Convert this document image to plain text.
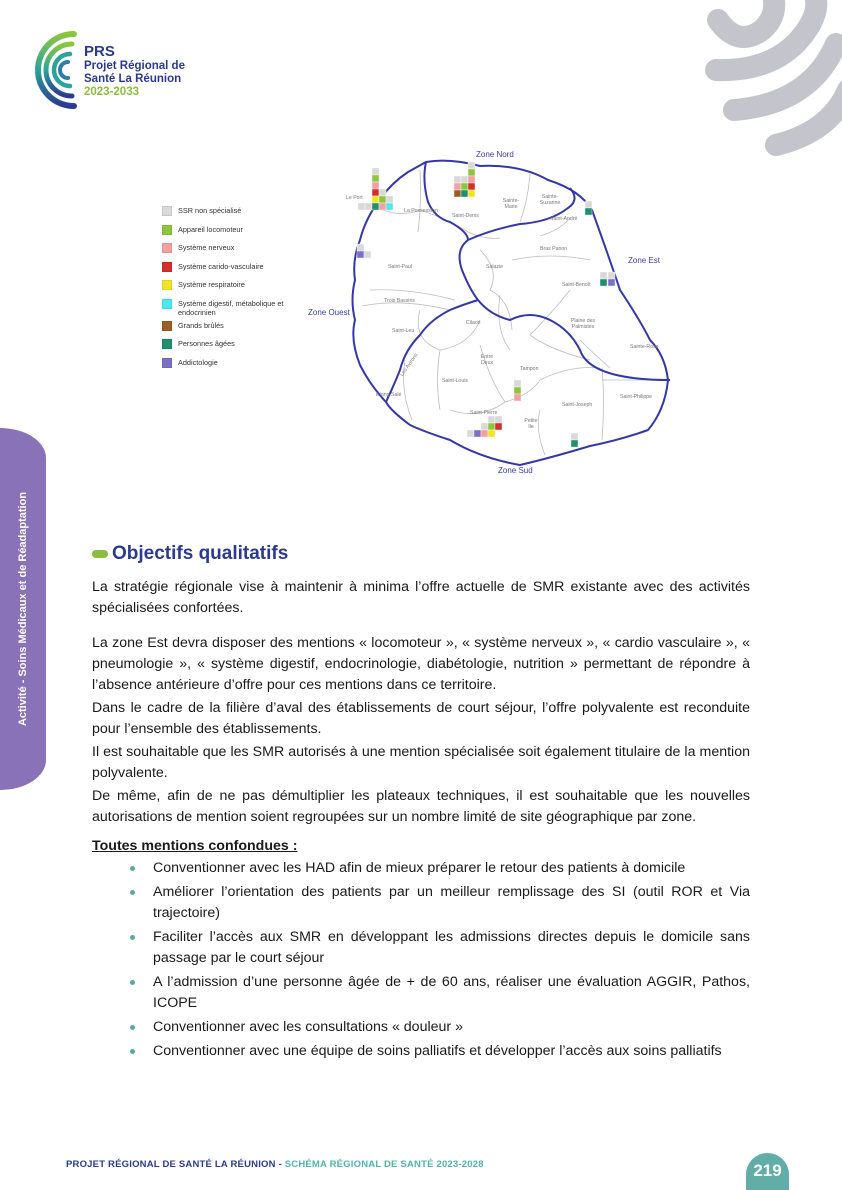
PRS
Projet Régional de
Santé La Réunion
2023-2033
SSR non spécialisé
Appareil locomoteur
Système nerveux
Système carido-vasculaire
Système respiratoire
Système digestif, métabolique et endocrinien
Grands brûlés
Personnes âgées
Addictologie
Zone Nord
Zone Est
Zone Ouest
Zone Sud
Le Port
La Possession
Saint-Denis
Sainte-Marie
Sainte-Suzanne
Saint-André
Bras Panon
Salazie
Saint-Benoît
Saint-Paul
Trois Bassins
Saint-Leu
Cilaos	Plaine des Palmistes
Sainte-Rose
Les Avirons	Entre Deux
Tampon
Saint-Louis
Etang Salé
Saint-Pierre
Petite Ile
Saint-Joseph
Saint-Philippe
Activité - Soins Médicaux et de Réadaptation	Objectifs qualitatifs

La stratégie régionale vise à maintenir à minima l’offre actuelle de SMR existante avec des activités spécialisées confortées.

La zone Est devra disposer des mentions « locomoteur », « système nerveux », « cardio vasculaire », « pneumologie », « système digestif, endocrinologie, diabétologie, nutrition » permettant de répondre à l’absence antérieure d’offre pour ces mentions dans ce territoire.

Dans le cadre de la filière d’aval des établissements de court séjour, l’offre polyvalente est reconduite pour l’ensemble des établissements.

Il est souhaitable que les SMR autorisés à une mention spécialisée soit également titulaire de la mention polyvalente.

De même, afin de ne pas démultiplier les plateaux techniques, il est souhaitable que les nouvelles autorisations de mention soient regroupées sur un nombre limité de site géographique par zone.

Toutes mentions confondues :
Conventionner avec les HAD afin de mieux préparer le retour des patients à domicile
Améliorer l’orientation des patients par un meilleur remplissage des SI (outil ROR et Via trajectoire)
Faciliter l’accès aux SMR en développant les admissions directes depuis le domicile sans passage par le court séjour
A l’admission d’une personne âgée de + de 60 ans, réaliser une évaluation AGGIR, Pathos, ICOPE
Conventionner avec les consultations « douleur »
Conventionner avec une équipe de soins palliatifs et développer l’accès aux soins palliatifs
PROJET RÉGIONAL DE SANTÉ LA RÉUNION - SCHÉMA RÉGIONAL DE SANTÉ 2023-2028	219
